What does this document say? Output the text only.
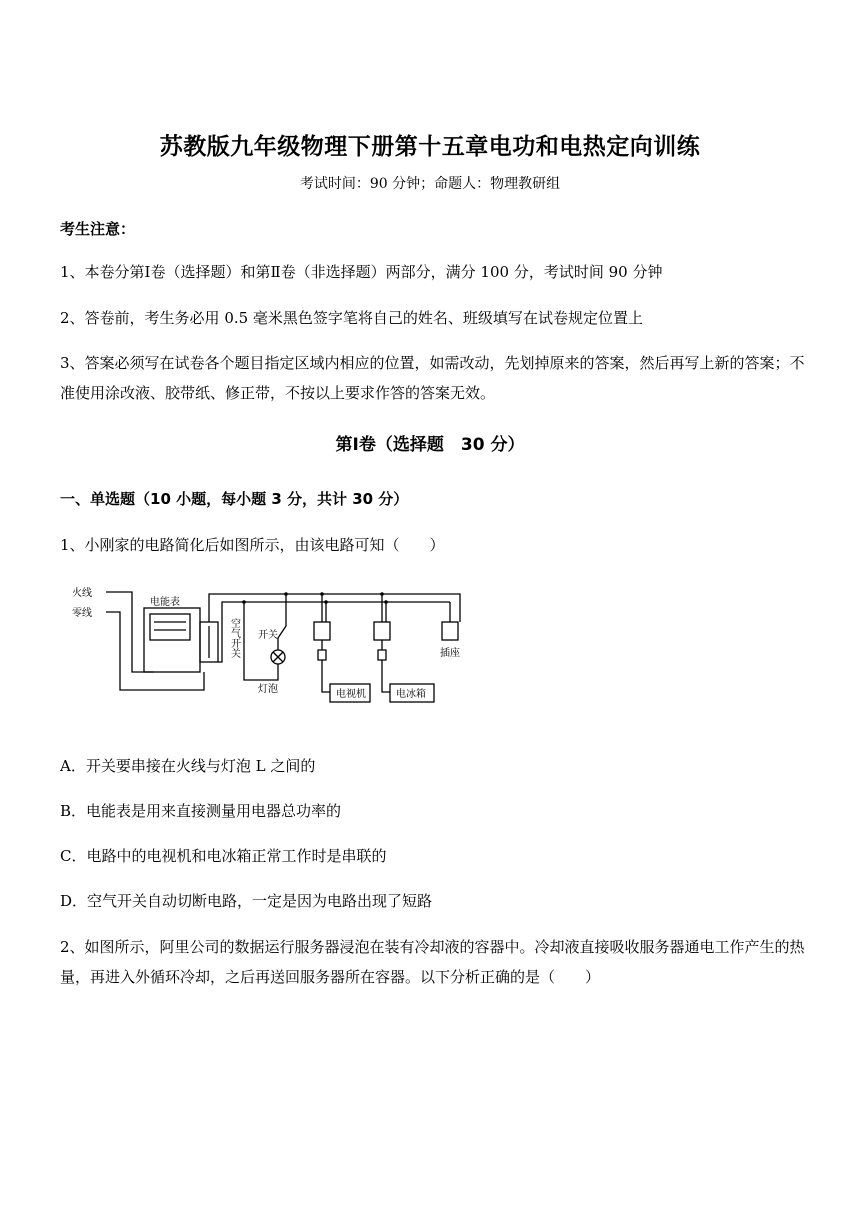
苏教版九年级物理下册第十五章电功和电热定向训练
考试时间：90 分钟；命题人：物理教研组
考生注意：
1、本卷分第Ⅰ卷（选择题）和第Ⅱ卷（非选择题）两部分，满分 100 分，考试时间 90 分钟
2、答卷前，考生务必用 0.5 毫米黑色签字笔将自己的姓名、班级填写在试卷规定位置上
3、答案必须写在试卷各个题目指定区域内相应的位置，如需改动，先划掉原来的答案，然后再写上新的答案；不准使用涂改液、胶带纸、修正带，不按以上要求作答的答案无效。
第Ⅰ卷（选择题　30 分）
一、单选题（10 小题，每小题 3 分，共计 30 分）
1、小刚家的电路简化后如图所示，由该电路可知（　　）
火线
零线
电能表
空气开关 开关
灯泡	电视机	电冰箱
插座
A．开关要串接在火线与灯泡 L 之间的
B．电能表是用来直接测量用电器总功率的
C．电路中的电视机和电冰箱正常工作时是串联的
D．空气开关自动切断电路，一定是因为电路出现了短路
2、如图所示，阿里公司的数据运行服务器浸泡在装有冷却液的容器中。冷却液直接吸收服务器通电工作产生的热量，再进入外循环冷却，之后再送回服务器所在容器。以下分析正确的是（　　）
